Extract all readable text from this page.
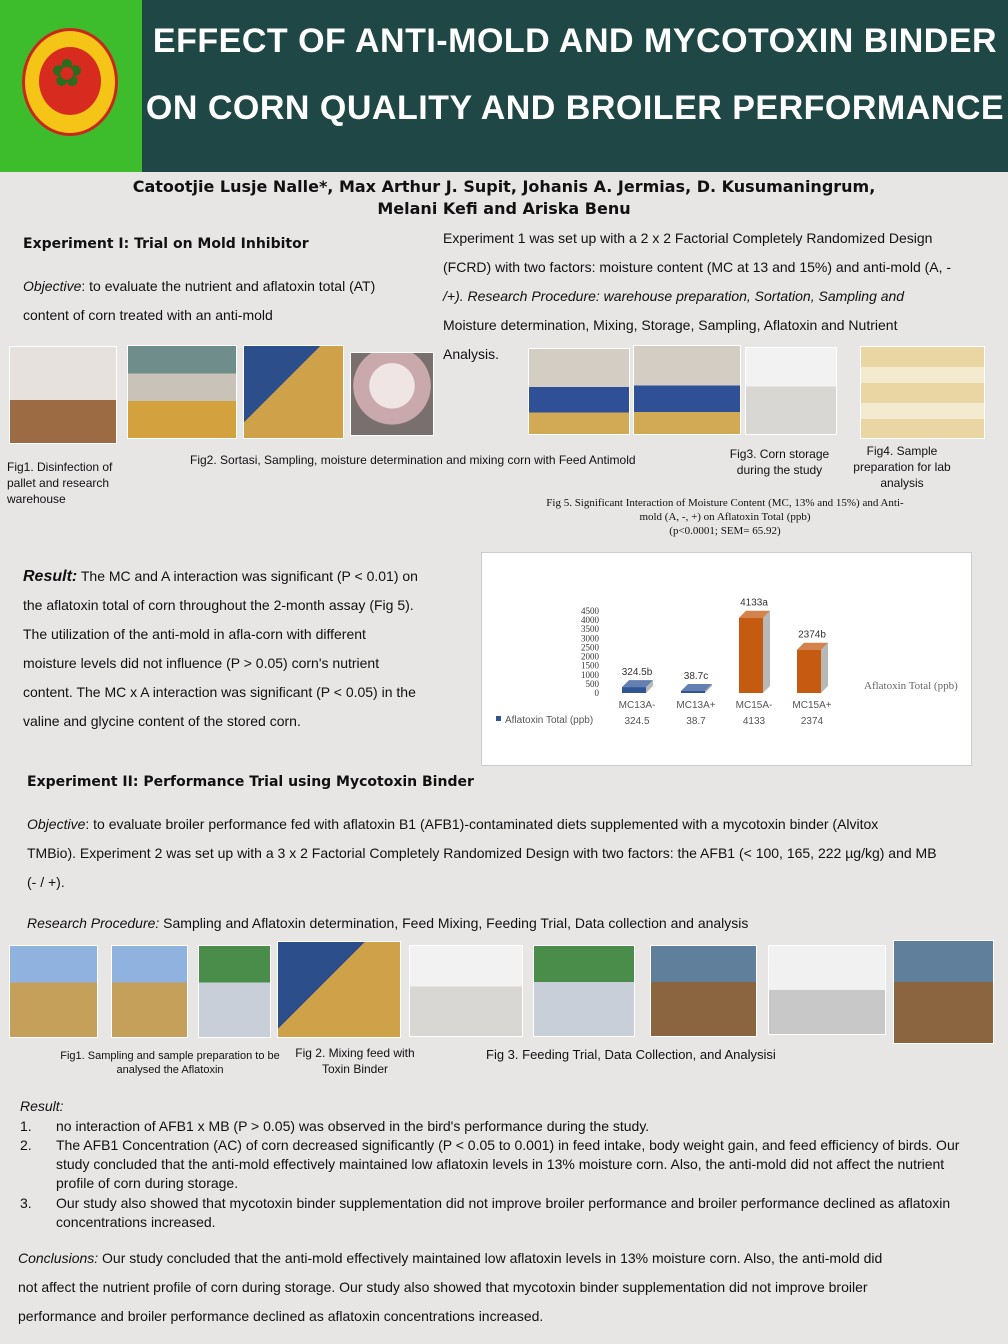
✿
EFFECT OF ANTI-MOLD AND MYCOTOXIN BINDER
ON CORN QUALITY AND BROILER PERFORMANCE
Catootjie Lusje Nalle*, Max Arthur J. Supit, Johanis A. Jermias, D. Kusumaningrum,
Melani Kefi and Ariska Benu
Experiment I: Trial on Mold Inhibitor
Objective: to evaluate the nutrient and aflatoxin total (AT)
content of corn treated with an anti-mold
Experiment 1 was set up with a 2 x 2 Factorial Completely Randomized Design
(FCRD) with two factors: moisture content (MC at 13 and 15%) and anti-mold (A, -
/+). Research Procedure: warehouse preparation, Sortation, Sampling and
Moisture determination, Mixing, Storage, Sampling, Aflatoxin and Nutrient
Analysis.
Fig1. Disinfection of pallet and research warehouse
Fig2. Sortasi, Sampling, moisture determination and mixing corn with Feed Antimold	Fig3. Corn storage during the study
Fig4. Sample preparation for lab analysis
Fig 5. Significant Interaction of Moisture Content (MC, 13% and 15%) and Anti-
mold (A, -, +) on Aflatoxin Total (ppb)
(p<0.0001; SEM= 65.92)
Result: The MC and A interaction was significant (P < 0.01) on
the aflatoxin total of corn throughout the 2-month assay (Fig 5).
The utilization of the anti-mold in afla-corn with different
moisture levels did not influence (P > 0.05) corn's nutrient
content. The MC x A interaction was significant (P < 0.05) in the
valine and glycine content of the stored corn.
4500
4000
3500
3000
2500
2000
1500
1000
500
0
324.5b
MC13A-
324.5
38.7c
MC13A+
38.7
4133a
MC15A-
4133
2374b
MC15A+
2374
Aflatoxin Total (ppb)
Aflatoxin Total (ppb)
Experiment II: Performance Trial using Mycotoxin Binder
Objective: to evaluate broiler performance fed with aflatoxin B1 (AFB1)-contaminated diets supplemented with a mycotoxin binder (Alvitox
TMBio). Experiment 2 was set up with a 3 x 2 Factorial Completely Randomized Design with two factors: the AFB1 (< 100, 165, 222 µg/kg) and MB
(- / +).
Research Procedure: Sampling and Aflatoxin determination, Feed Mixing, Feeding Trial, Data collection and analysis
Fig1. Sampling and sample preparation to be analysed the Aflatoxin
Fig 2. Mixing feed with Toxin Binder
Fig 3. Feeding Trial, Data Collection, and Analysisi
Result:
1. no interaction of AFB1 x MB (P > 0.05) was observed in the bird's performance during the study.
2. The AFB1 Concentration (AC) of corn decreased significantly (P < 0.05 to 0.001) in feed intake, body weight gain, and feed efficiency of birds. Our study concluded that the anti-mold effectively maintained low aflatoxin levels in 13% moisture corn. Also, the anti-mold did not affect the nutrient profile of corn during storage.
3. Our study also showed that mycotoxin binder supplementation did not improve broiler performance and broiler performance declined as aflatoxin concentrations increased.
Conclusions: Our study concluded that the anti-mold effectively maintained low aflatoxin levels in 13% moisture corn. Also, the anti-mold did
not affect the nutrient profile of corn during storage. Our study also showed that mycotoxin binder supplementation did not improve broiler
performance and broiler performance declined as aflatoxin concentrations increased.
